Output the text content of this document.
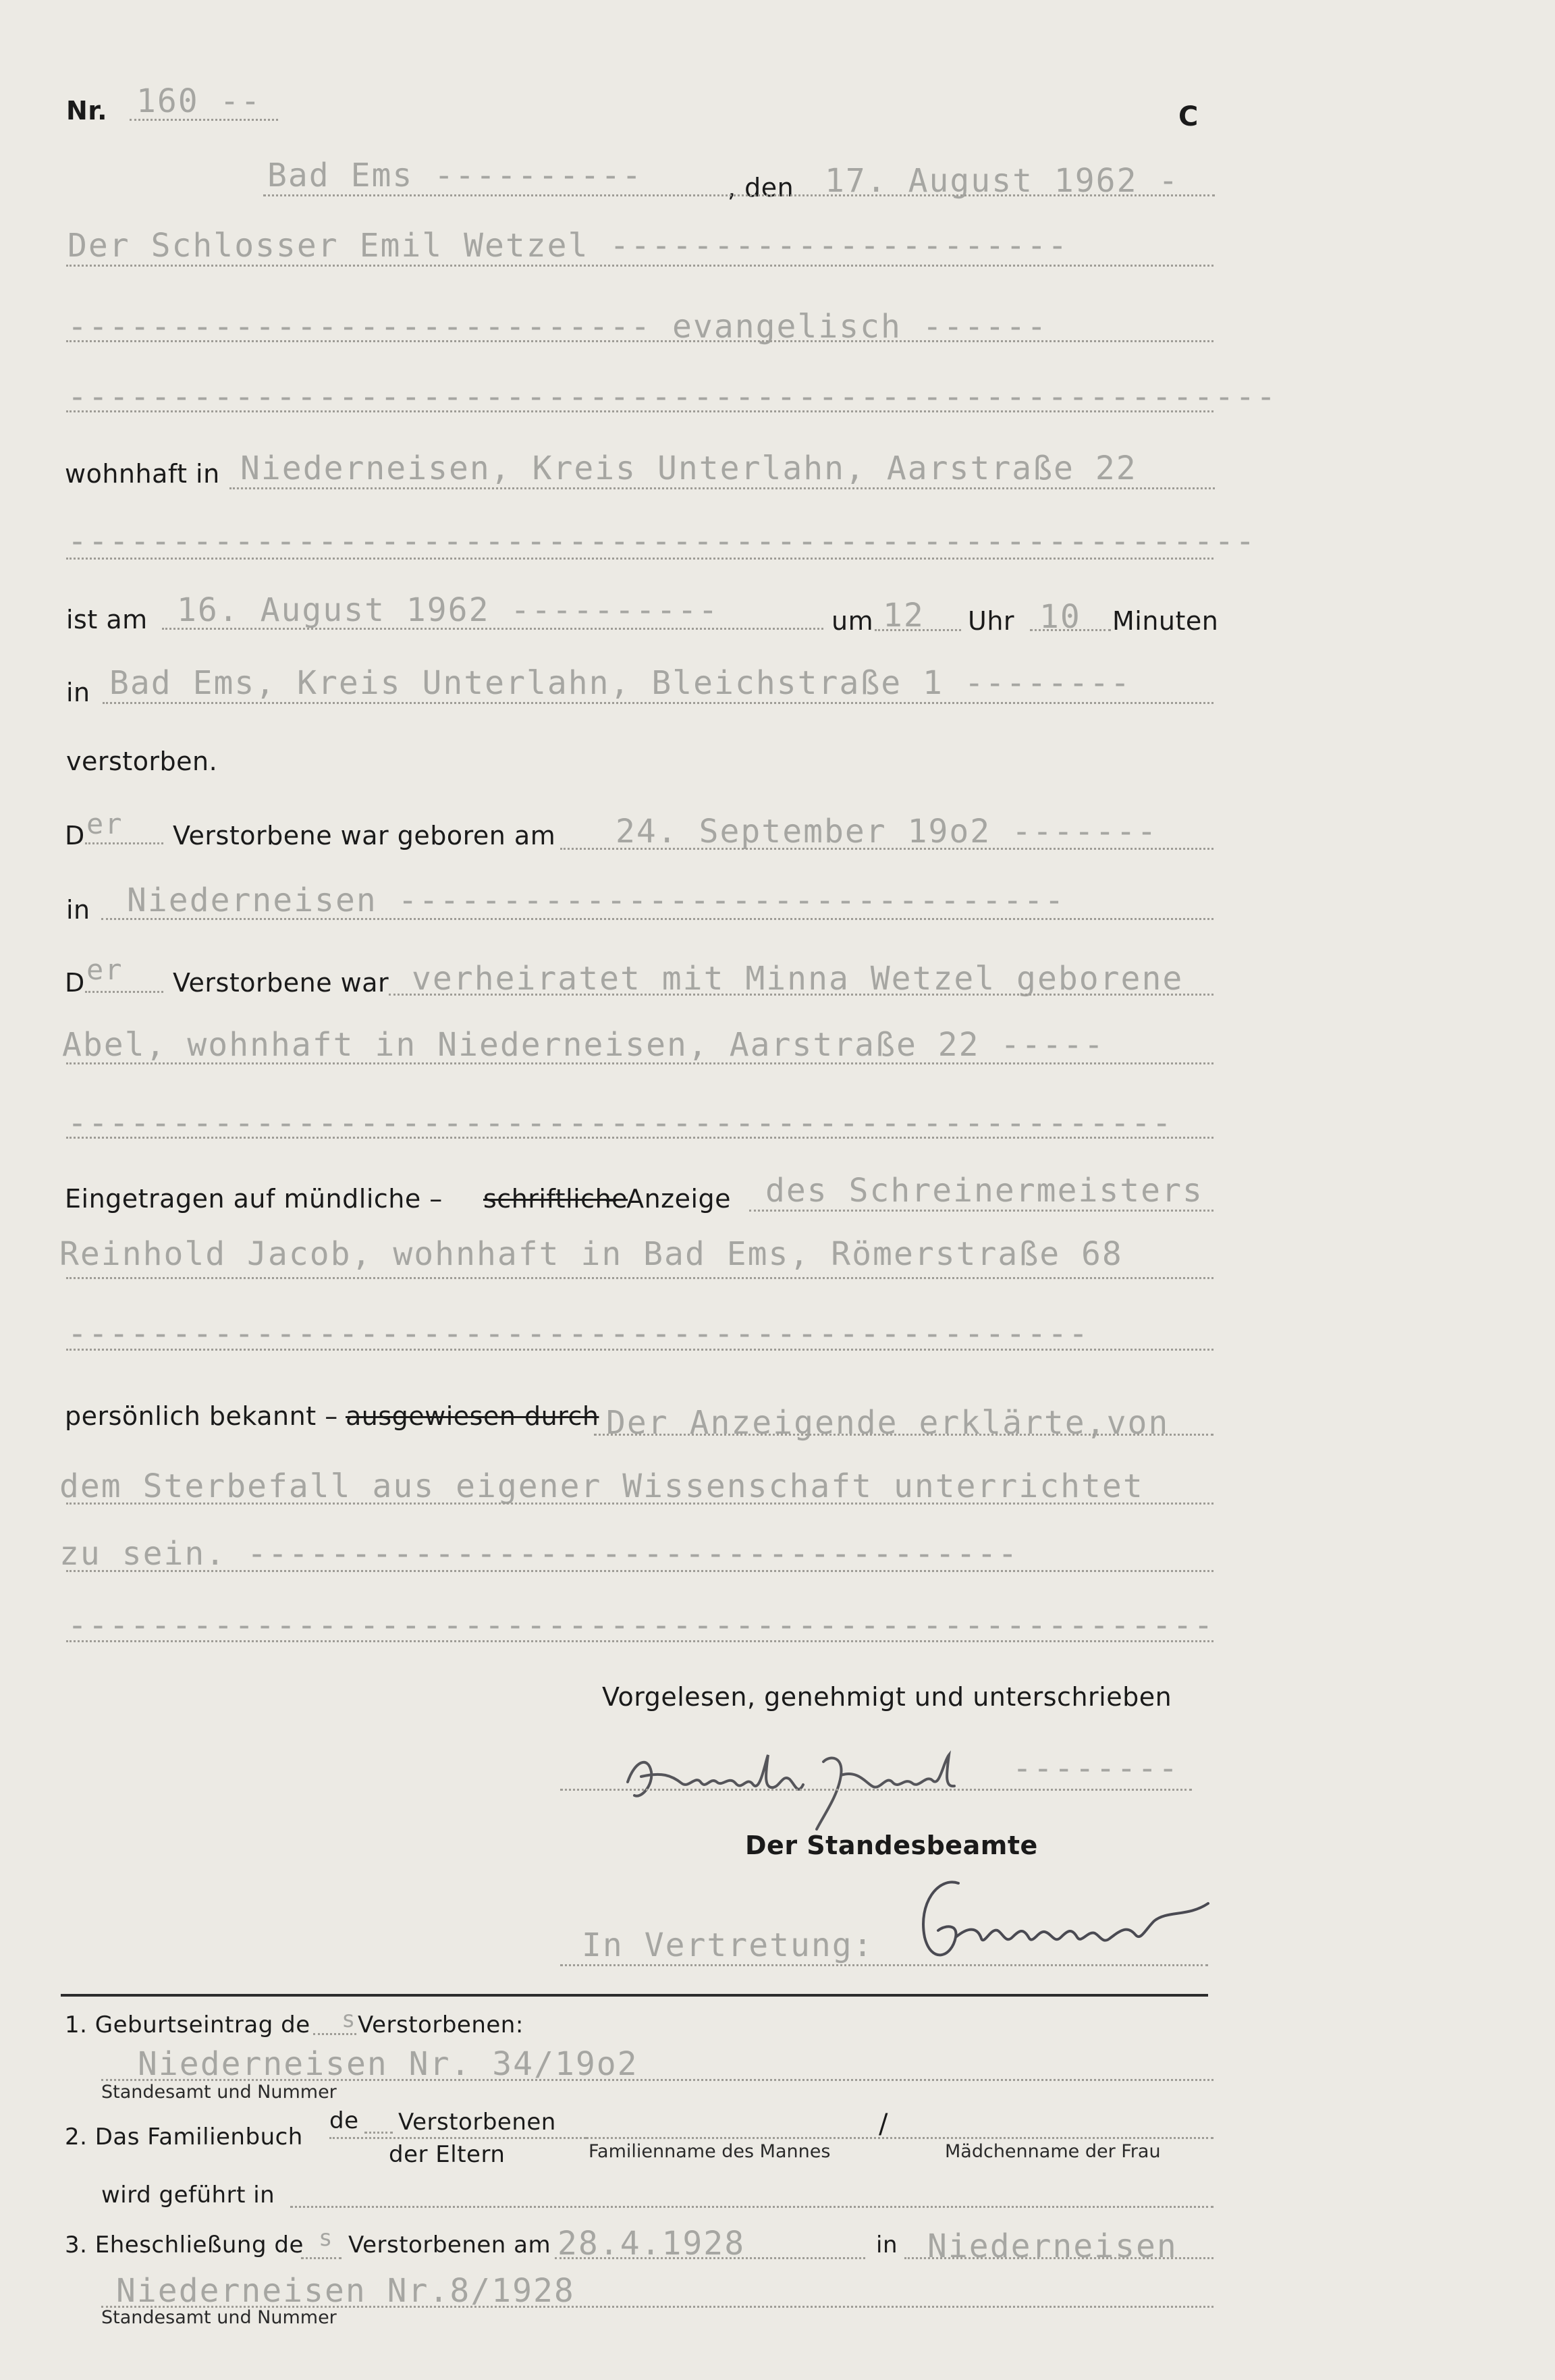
Nr. 160 --	C
Bad Ems ----------	, den 17. August 1962 -
Der Schlosser Emil Wetzel ----------------------
---------------------------- evangelisch ------
----------------------------------------------------------
wohnhaft in Niederneisen, Kreis Unterlahn, Aarstraße 22
---------------------------------------------------------
ist am 16. August 1962 ----------	um 12 Uhr 10 Minuten
in Bad Ems, Kreis Unterlahn, Bleichstraße 1 --------
verstorben.
D er Verstorbene war geboren am 24. September 19o2 -------
in Niederneisen --------------------------------
D er Verstorbene war verheiratet mit Minna Wetzel geborene
Abel, wohnhaft in Niederneisen, Aarstraße 22 -----
-----------------------------------------------------
Eingetragen auf mündliche – schriftliche
– Anzeige des Schreinermeisters
Reinhold Jacob, wohnhaft in Bad Ems, Römerstraße 68
-------------------------------------------------
persönlich bekannt – ausgewiesen durch Der Anzeigende erklärte,von
dem Sterbefall aus eigener Wissenschaft unterrichtet
zu sein. -------------------------------------
-------------------------------------------------------
Vorgelesen, genehmigt und unterschrieben
--------
Der Standesbeamte
In Vertretung:
1. Geburtseintrag de s Verstorbenen:
Niederneisen Nr. 34/19o2
Standesamt und Nummer
2. Das Familienbuch
de Verstorbenen
der Eltern
/
Familienname des Mannes	Mädchenname der Frau
wird geführt in
3. Eheschließung de s Verstorbenen am 28.4.1928	in Niederneisen
Niederneisen Nr.8/1928
Standesamt und Nummer
